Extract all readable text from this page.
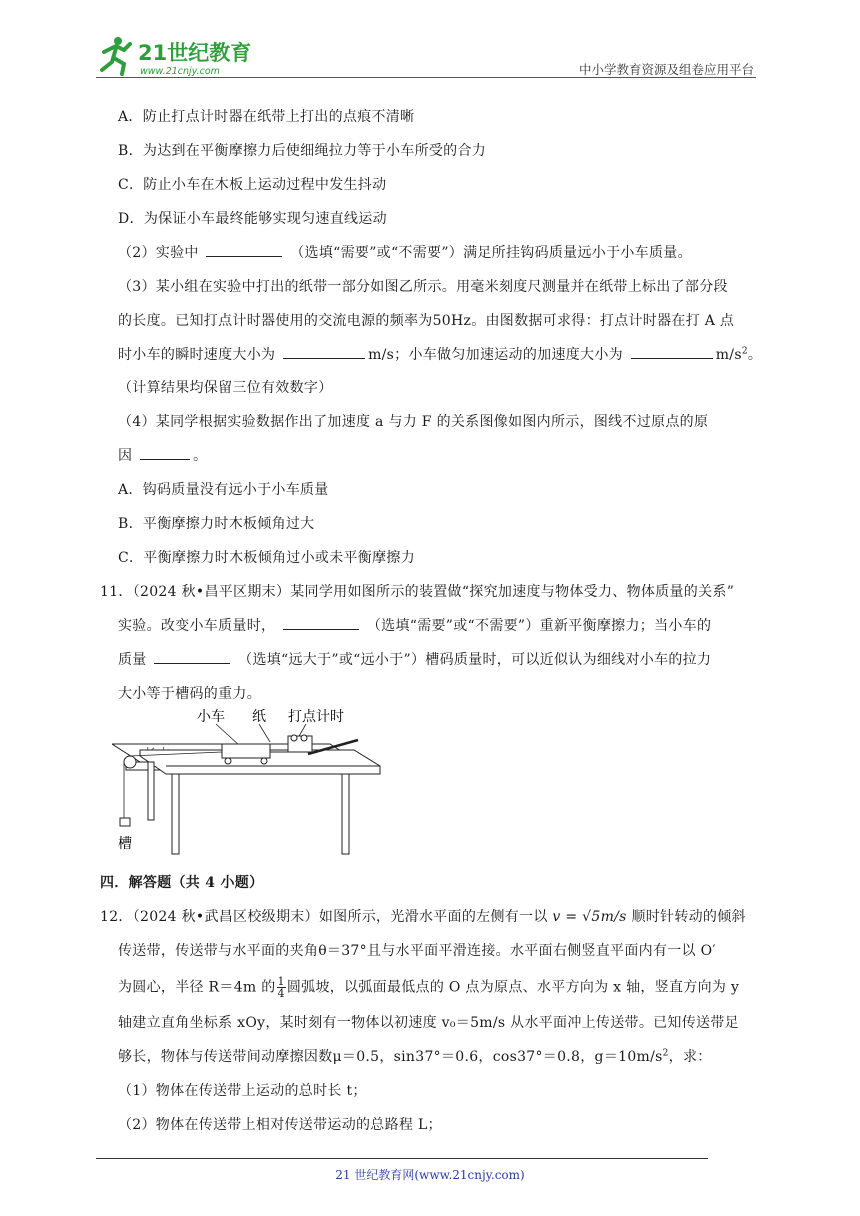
21世纪教育
www.21cnjy.com	中小学教育资源及组卷应用平台
A．防止打点计时器在纸带上打出的点痕不清晰
B．为达到在平衡摩擦力后使细绳拉力等于小车所受的合力
C．防止小车在木板上运动过程中发生抖动
D．为保证小车最终能够实现匀速直线运动
（2）实验中	（选填“需要”或“不需要”）满足所挂钩码质量远小于小车质量。
（3）某小组在实验中打出的纸带一部分如图乙所示。用毫米刻度尺测量并在纸带上标出了部分段
的长度。已知打点计时器使用的交流电源的频率为50Hz。由图数据可求得：打点计时器在打 A 点
时小车的瞬时速度大小为	m/s；小车做匀加速运动的加速度大小为	$m/s^2$。
（计算结果均保留三位有效数字）
（4）某同学根据实验数据作出了加速度 a 与力 F 的关系图像如图内所示，图线不过原点的原
因	。
A．钩码质量没有远小于小车质量
B．平衡摩擦力时木板倾角过大
C．平衡摩擦力时木板倾角过小或未平衡摩擦力
11．（2024 秋•昌平区期末）某同学用如图所示的装置做“探究加速度与物体受力、物体质量的关系”
实验。改变小车质量时，	（选填“需要”或“不需要”）重新平衡摩擦力；当小车的
质量	（选填“远大于”或“远小于”）槽码质量时，可以近似认为细线对小车的拉力
大小等于槽码的重力。
小车 纸 打点计时
槽
四．解答题（共 4 小题）
12．（2024 秋•武昌区校级期末）如图所示，光滑水平面的左侧有一以 v = √5m/s 顺时针转动的倾斜
传送带，传送带与水平面的夹角θ＝37°且与水平面平滑连接。水平面右侧竖直平面内有一以 O′
为圆心，半径 R＝4m 的 $\frac{1}{4}$ 圆弧坡，以弧面最低点的 O 点为原点、水平方向为 x 轴，竖直方向为 y
轴建立直角坐标系 xOy，某时刻有一物体以初速度 v₀＝5m/s 从水平面冲上传送带。已知传送带足
够长，物体与传送带间动摩擦因数μ＝0.5，sin37°＝0.6，cos37°＝0.8，$g=10m/s^2$，求：
（1）物体在传送带上运动的总时长 t；
（2）物体在传送带上相对传送带运动的总路程 L；
21 世纪教育网(www.21cnjy.com)
